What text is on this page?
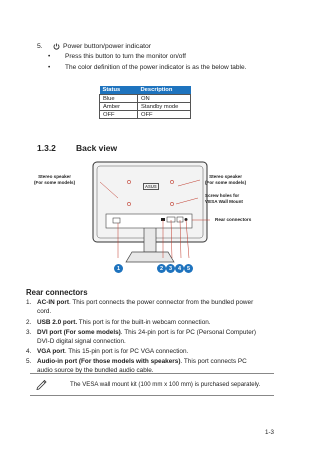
5.	Power button/power indicator
• Press this button to turn the monitor on/off
• The color definition of the power indicator is as the below table.
Status	Description
Blue	ON
Amber	Standby mode
OFF	OFF
1.3.2 Back view
ASUS
Stereo speaker
(For some models)
Stereo speaker
(For some models)
Screw holes for
VESA Wall Mount
Rear connectors
1	2	3	4	5
Rear connectors
1. AC-IN port. This port connects the power connector from the bundled power
cord.
2. USB 2.0 port. This port is for the built-in webcam connection.
3. DVI port (For some models). This 24-pin port is for PC (Personal Computer)
DVI-D digital signal connection.
4. VGA port. This 15-pin port is for PC VGA connection.
5. Audio-in port (For those models with speakers). This port connects PC
audio source by the bundled audio cable.
The VESA wall mount kit (100 mm x 100 mm) is purchased separately.
1-3
